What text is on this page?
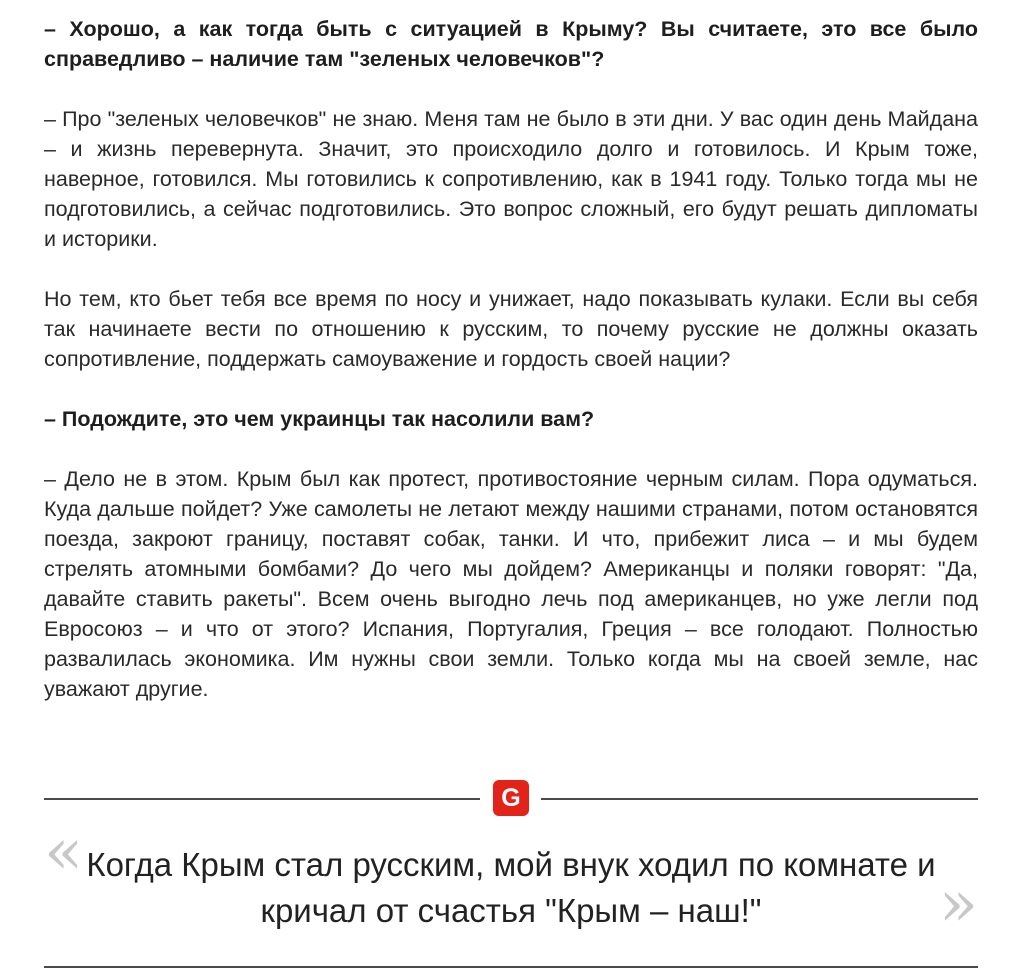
– Хорошо, а как тогда быть с ситуацией в Крыму? Вы считаете, это все было справедливо – наличие там "зеленых человечков"?

– Про "зеленых человечков" не знаю. Меня там не было в эти дни. У вас один день Майдана – и жизнь перевернута. Значит, это происходило долго и готовилось. И Крым тоже, наверное, готовился. Мы готовились к сопротивлению, как в 1941 году. Только тогда мы не подготовились, а сейчас подготовились. Это вопрос сложный, его будут решать дипломаты и историки.

Но тем, кто бьет тебя все время по носу и унижает, надо показывать кулаки. Если вы себя так начинаете вести по отношению к русским, то почему русские не должны оказать сопротивление, поддержать самоуважение и гордость своей нации?

– Подождите, это чем украинцы так насолили вам?

– Дело не в этом. Крым был как протест, противостояние черным силам. Пора одуматься. Куда дальше пойдет? Уже самолеты не летают между нашими странами, потом остановятся поезда, закроют границу, поставят собак, танки. И что, прибежит лиса – и мы будем стрелять атомными бомбами? До чего мы дойдем? Американцы и поляки говорят: "Да, давайте ставить ракеты". Всем очень выгодно лечь под американцев, но уже легли под Евросоюз – и что от этого? Испания, Португалия, Греция – все голодают. Полностью развалилась экономика. Им нужны свои земли. Только когда мы на своей земле, нас уважают другие.

G
« Когда Крым стал русским, мой внук ходил по комнате и кричал от счастья "Крым – наш!"	»
